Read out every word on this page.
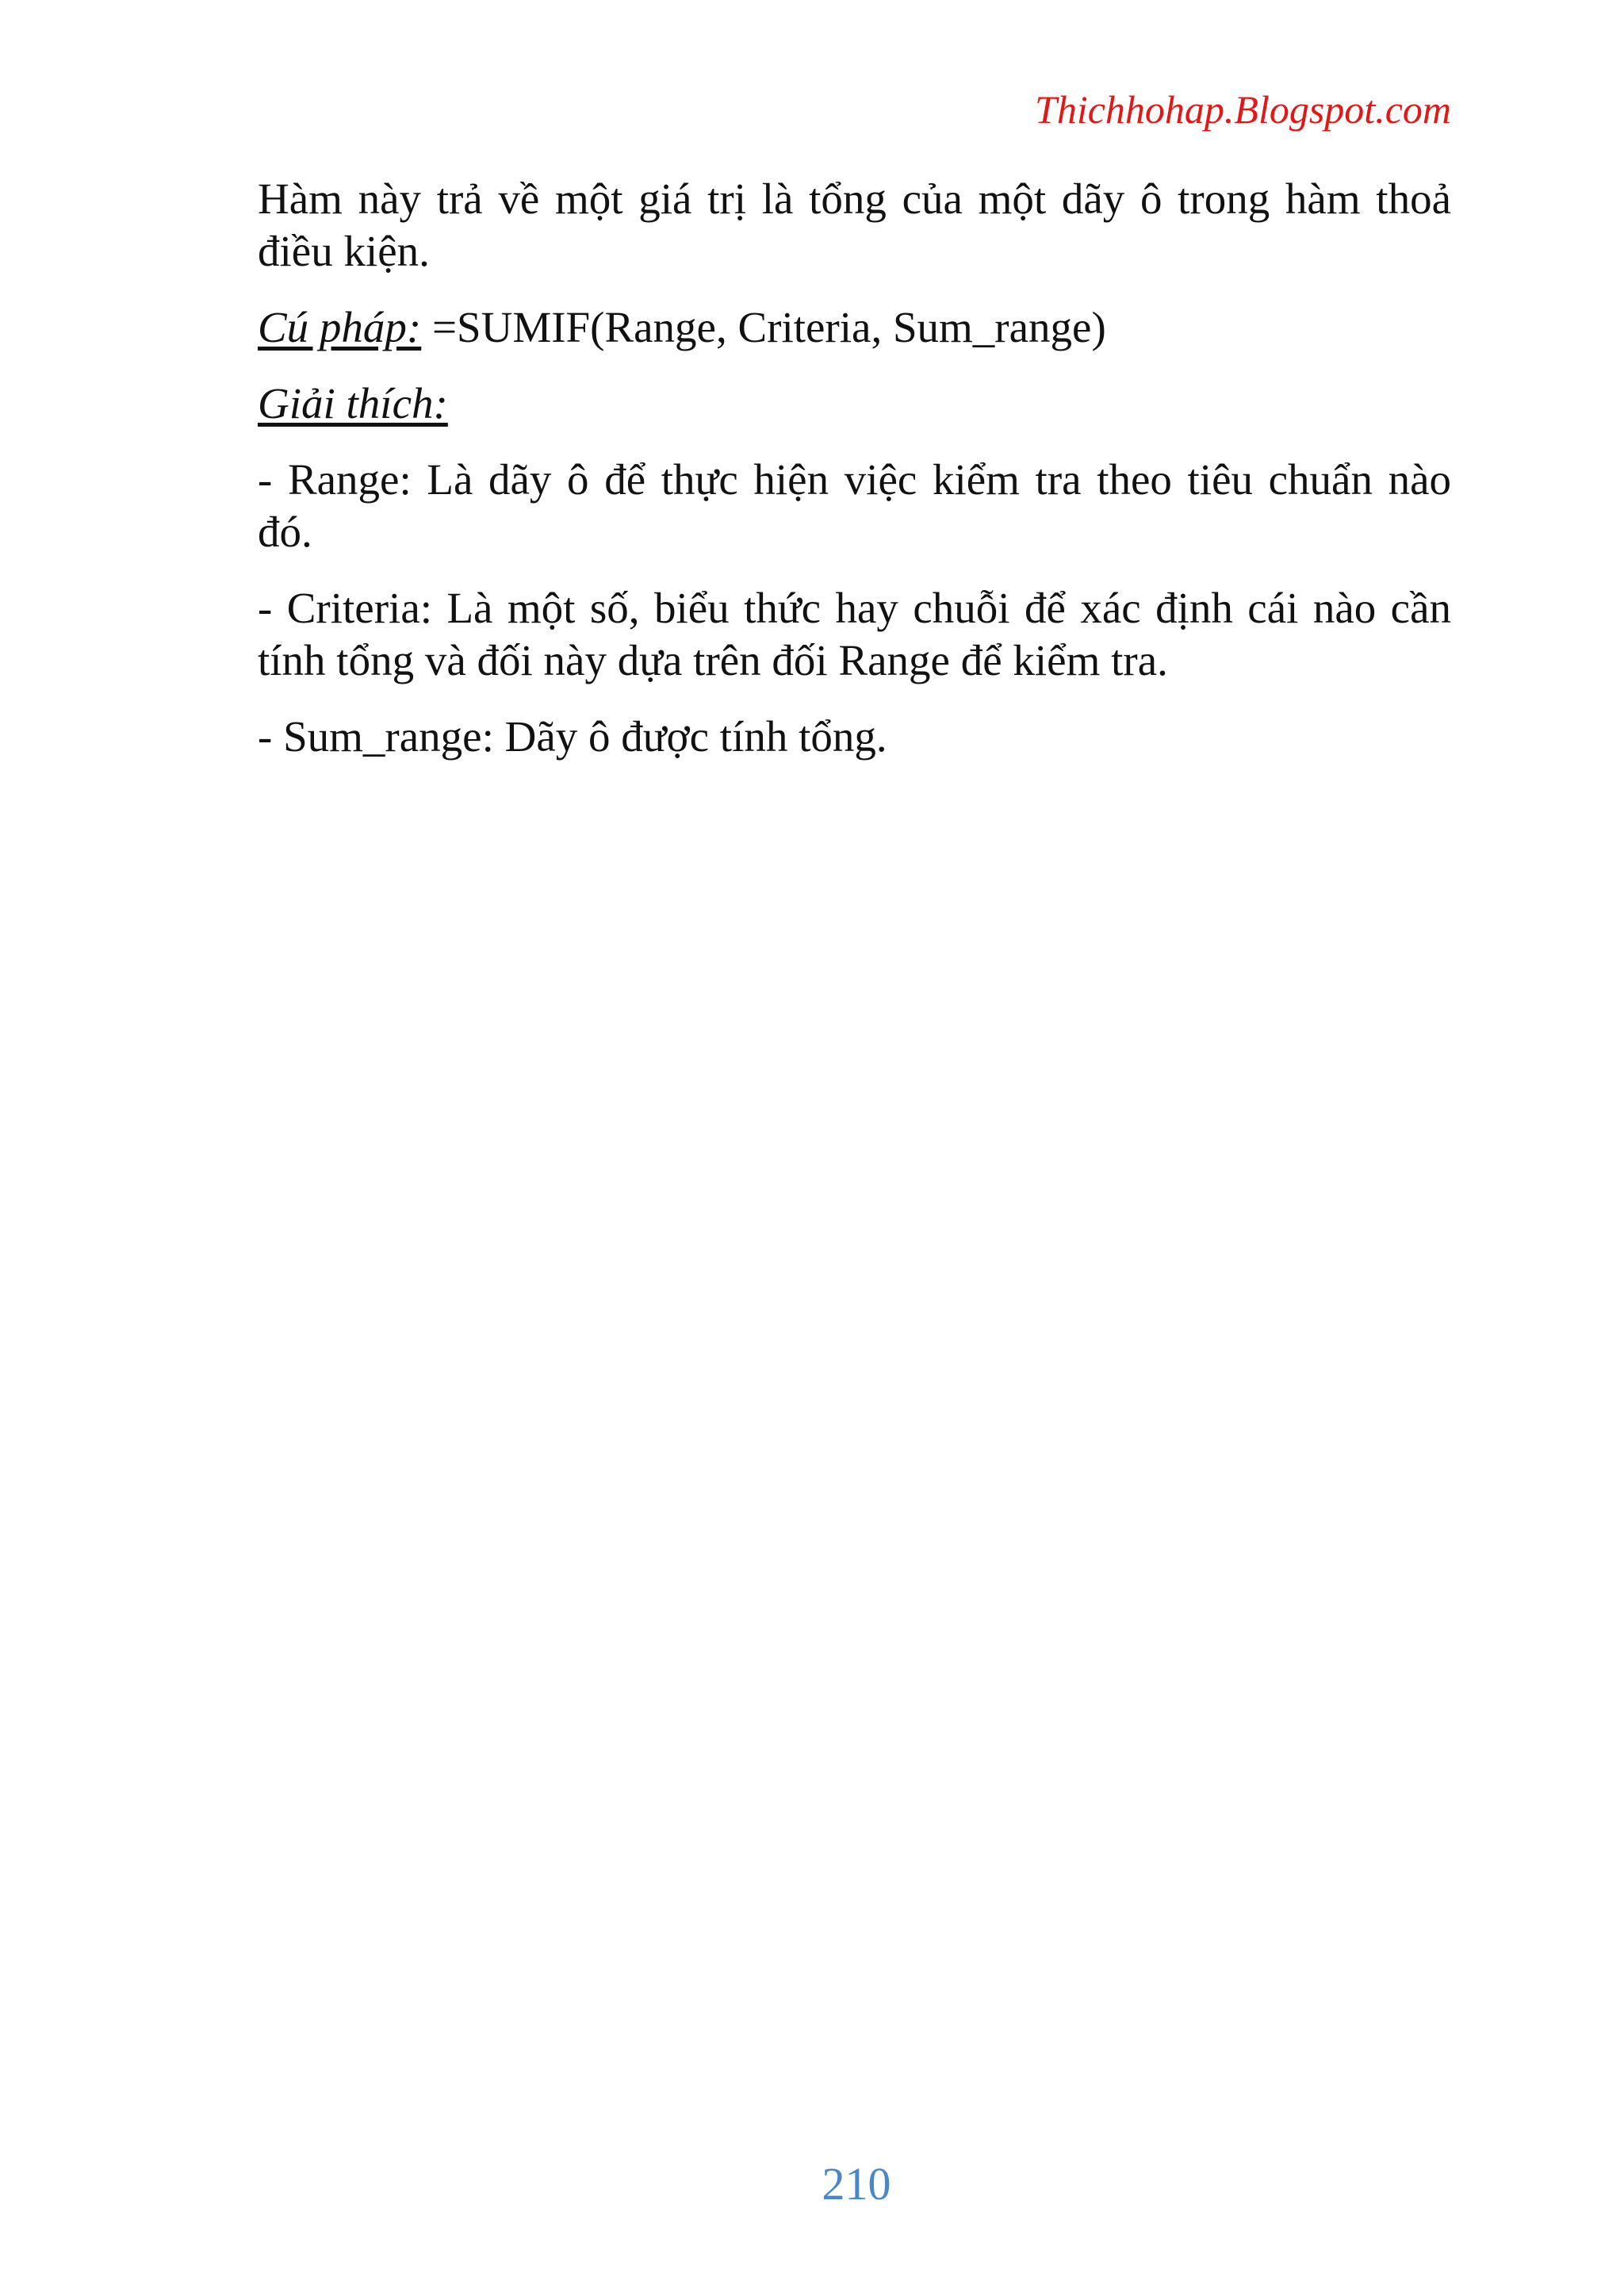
Thichhohap.Blogspot.com

Hàm này trả về một giá trị là tổng của một dãy ô trong hàm thoả điều kiện.

Cú pháp: =SUMIF(Range, Criteria, Sum_range)

Giải thích:

- Range: Là dãy ô để thực hiện việc kiểm tra theo tiêu chuẩn nào đó.

- Criteria: Là một số, biểu thức hay chuỗi để xác định cái nào cần tính tổng và đối này dựa trên đối Range để kiểm tra.

- Sum_range: Dãy ô được tính tổng.

210
